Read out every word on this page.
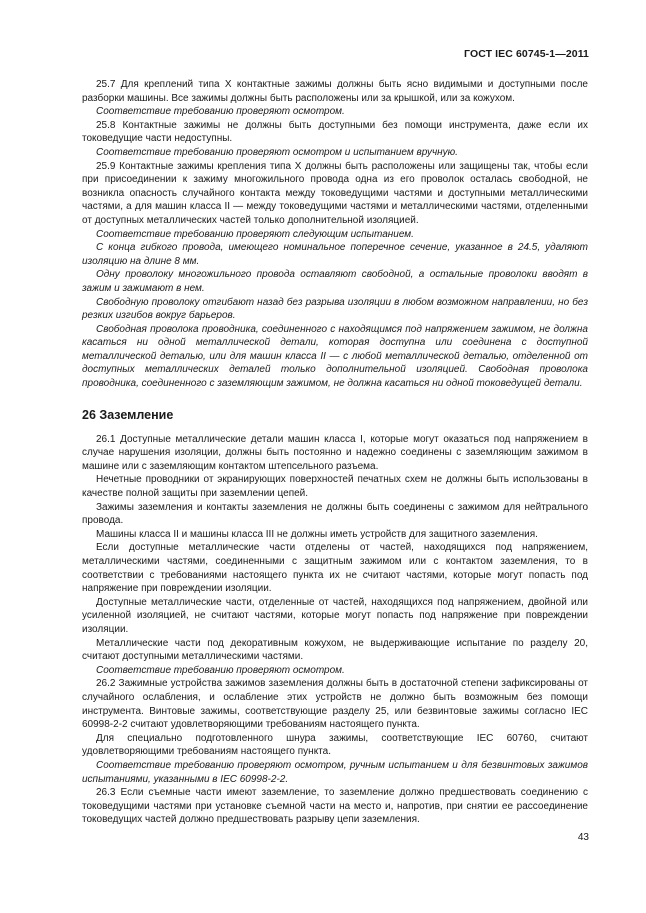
ГОСТ IEC 60745-1—2011

25.7 Для креплений типа X контактные зажимы должны быть ясно видимыми и доступными после разборки машины. Все зажимы должны быть расположены или за крышкой, или за кожухом.

Соответствие требованию проверяют осмотром.

25.8 Контактные зажимы не должны быть доступными без помощи инструмента, даже если их токоведущие части недоступны.

Соответствие требованию проверяют осмотром и испытанием вручную.

25.9 Контактные зажимы крепления типа X должны быть расположены или защищены так, чтобы если при присоединении к зажиму многожильного провода одна из его проволок осталась свободной, не возникла опасность случайного контакта между токоведущими частями и доступными металлическими частями, а для машин класса II — между токоведущими частями и металлическими частями, отделенными от доступных металлических частей только дополнительной изоляцией.

Соответствие требованию проверяют следующим испытанием.

С конца гибкого провода, имеющего номинальное поперечное сечение, указанное в 24.5, удаляют изоляцию на длине 8 мм.

Одну проволоку многожильного провода оставляют свободной, а остальные проволоки вводят в зажим и зажимают в нем.

Свободную проволоку отгибают назад без разрыва изоляции в любом возможном направлении, но без резких изгибов вокруг барьеров.

Свободная проволока проводника, соединенного с находящимся под напряжением зажимом, не должна касаться ни одной металлической детали, которая доступна или соединена с доступной металлической деталью, или для машин класса II — с любой металлической деталью, отделенной от доступных металлических деталей только дополнительной изоляцией. Свободная проволока проводника, соединенного с заземляющим зажимом, не должна касаться ни одной токоведущей детали.

26 Заземление

26.1 Доступные металлические детали машин класса I, которые могут оказаться под напряжением в случае нарушения изоляции, должны быть постоянно и надежно соединены с заземляющим зажимом в машине или с заземляющим контактом штепсельного разъема.

Нечетные проводники от экранирующих поверхностей печатных схем не должны быть использованы в качестве полной защиты при заземлении цепей.

Зажимы заземления и контакты заземления не должны быть соединены с зажимом для нейтрального провода.

Машины класса II и машины класса III не должны иметь устройств для защитного заземления.

Если доступные металлические части отделены от частей, находящихся под напряжением, металлическими частями, соединенными с защитным зажимом или с контактом заземления, то в соответствии с требованиями настоящего пункта их не считают частями, которые могут попасть под напряжение при повреждении изоляции.

Доступные металлические части, отделенные от частей, находящихся под напряжением, двойной или усиленной изоляцией, не считают частями, которые могут попасть под напряжение при повреждении изоляции.

Металлические части под декоративным кожухом, не выдерживающие испытание по разделу 20, считают доступными металлическими частями.

Соответствие требованию проверяют осмотром.

26.2 Зажимные устройства зажимов заземления должны быть в достаточной степени зафиксированы от случайного ослабления, и ослабление этих устройств не должно быть возможным без помощи инструмента. Винтовые зажимы, соответствующие разделу 25, или безвинтовые зажимы согласно IEC 60998-2-2 считают удовлетворяющими требованиям настоящего пункта.

Для специально подготовленного шнура зажимы, соответствующие IEC 60760, считают удовлетворяющими требованиям настоящего пункта.

Соответствие требованию проверяют осмотром, ручным испытанием и для безвинтовых зажимов испытаниями, указанными в IEC 60998-2-2.

26.3 Если съемные части имеют заземление, то заземление должно предшествовать соединению с токоведущими частями при установке съемной части на место и, напротив, при снятии ее рассоединение токоведущих частей должно предшествовать разрыву цепи заземления.

43
